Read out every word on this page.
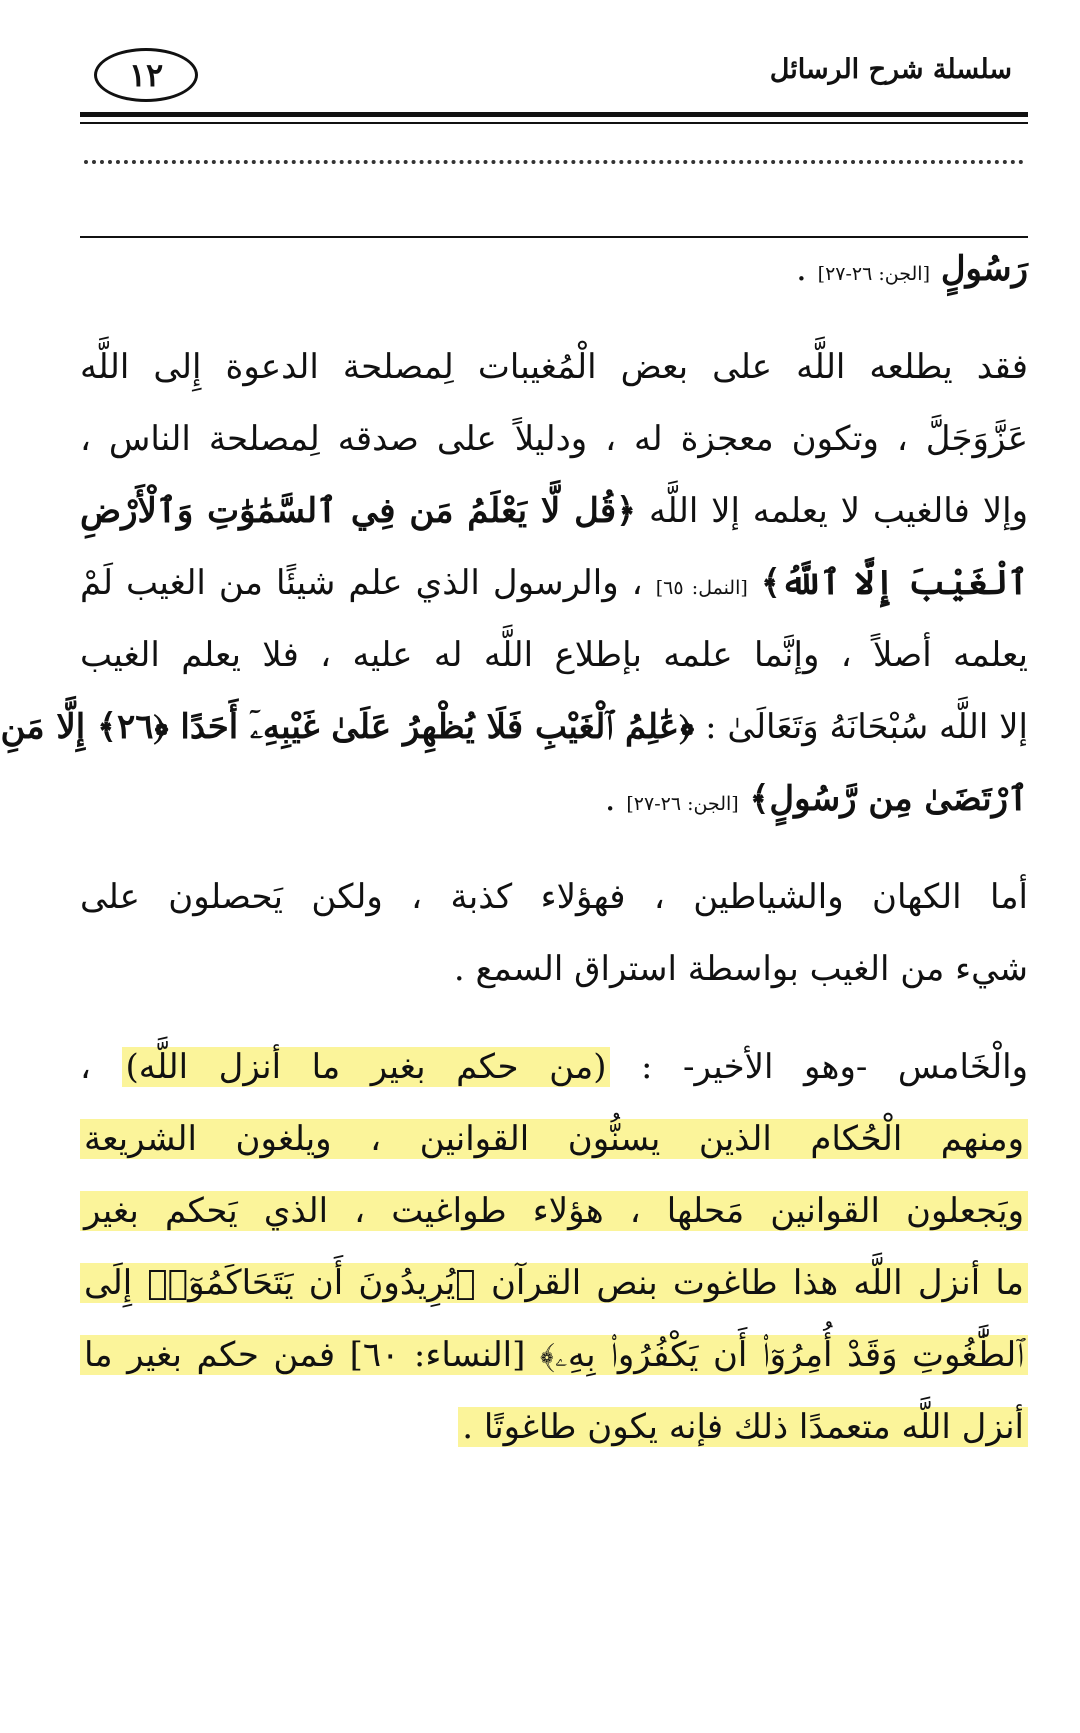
١٢	سلسلة شرح الرسائل
رَسُولٍ [الجن: ٢٦-٢٧] .
فقد يطلعه اللَّه على بعض الْمُغيبات لِمصلحة الدعوة إِلى اللَّه
عَزَّوَجَلَّ ، وتكون معجزة له ، ودليلاً على صدقه لِمصلحة الناس ،
وإلا فالغيب لا يعلمه إلا اللَّه ﴿قُل لَّا يَعْلَمُ مَن فِي ٱلسَّمَٰوَٰتِ وَٱلْأَرْضِ
ٱلْغَيْبَ إِلَّا ٱللَّهُ﴾ [النمل: ٦٥] ، والرسول الذي علم شيئًا من الغيب لَمْ
يعلمه أصلاً ، وإنَّما علمه بإطلاع اللَّه له عليه ، فلا يعلم الغيب
إلا اللَّه سُبْحَانَهُ وَتَعَالَىٰ : ﴿عَٰلِمُ ٱلْغَيْبِ فَلَا يُظْهِرُ عَلَىٰ غَيْبِهِۦٓ أَحَدًا ﴿٢٦﴾ إِلَّا مَنِ
ٱرْتَضَىٰ مِن رَّسُولٍ﴾ [الجن: ٢٦-٢٧] .
أما الكهان والشياطين ، فهؤلاء كذبة ، ولكن يَحصلون على
شيء من الغيب بواسطة استراق السمع .
والْخَامس -وهو الأخير- : (من حكم بغير ما أنزل اللَّه) ،
ومنهم الْحُكام الذين يسنُّون القوانين ، ويلغون الشريعة
ويَجعلون القوانين مَحلها ، هؤلاء طواغيت ، الذي يَحكم بغير
ما أنزل اللَّه هذا طاغوت بنص القرآن ﴿يُرِيدُونَ أَن يَتَحَاكَمُوٓا۟ إِلَى
ٱلطَّٰغُوتِ وَقَدْ أُمِرُوٓا۟ أَن يَكْفُرُوا۟ بِهِۦ﴾ [النساء: ٦٠] فمن حكم بغير ما
أنزل اللَّه متعمدًا ذلك فإنه يكون طاغوتًا .
